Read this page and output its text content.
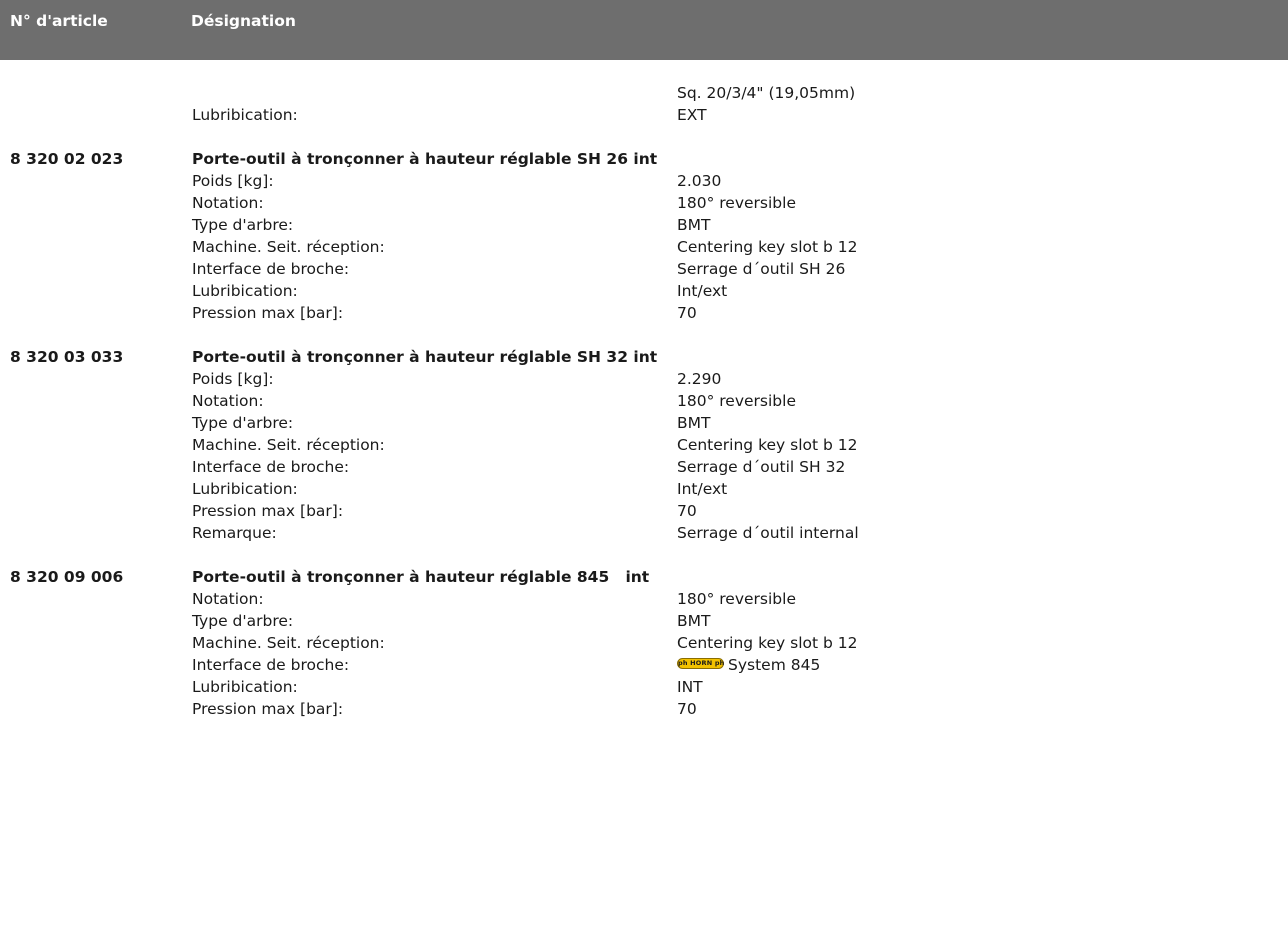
N° d'article	Désignation
Sq. 20/3/4" (19,05mm)
Lubribication:	EXT
8 320 02 023	Porte-outil à tronçonner à hauteur réglable SH 26 int
Poids [kg]:	2.030
Notation:	180° reversible
Type d'arbre:	BMT
Machine. Seit. réception:	Centering key slot b 12
Interface de broche:	Serrage d´outil SH 26
Lubribication:	Int/ext
Pression max [bar]:	70
8 320 03 033	Porte-outil à tronçonner à hauteur réglable SH 32 int
Poids [kg]:	2.290
Notation:	180° reversible
Type d'arbre:	BMT
Machine. Seit. réception:	Centering key slot b 12
Interface de broche:	Serrage d´outil SH 32
Lubribication:	Int/ext
Pression max [bar]:	70
Remarque:	Serrage d´outil internal
8 320 09 006	Porte-outil à tronçonner à hauteur réglable 845   int
Notation:	180° reversible
Type d'arbre:	BMT
Machine. Seit. réception:	Centering key slot b 12
Interface de broche:	ph HORN ph System 845
Lubribication:	INT
Pression max [bar]:	70
